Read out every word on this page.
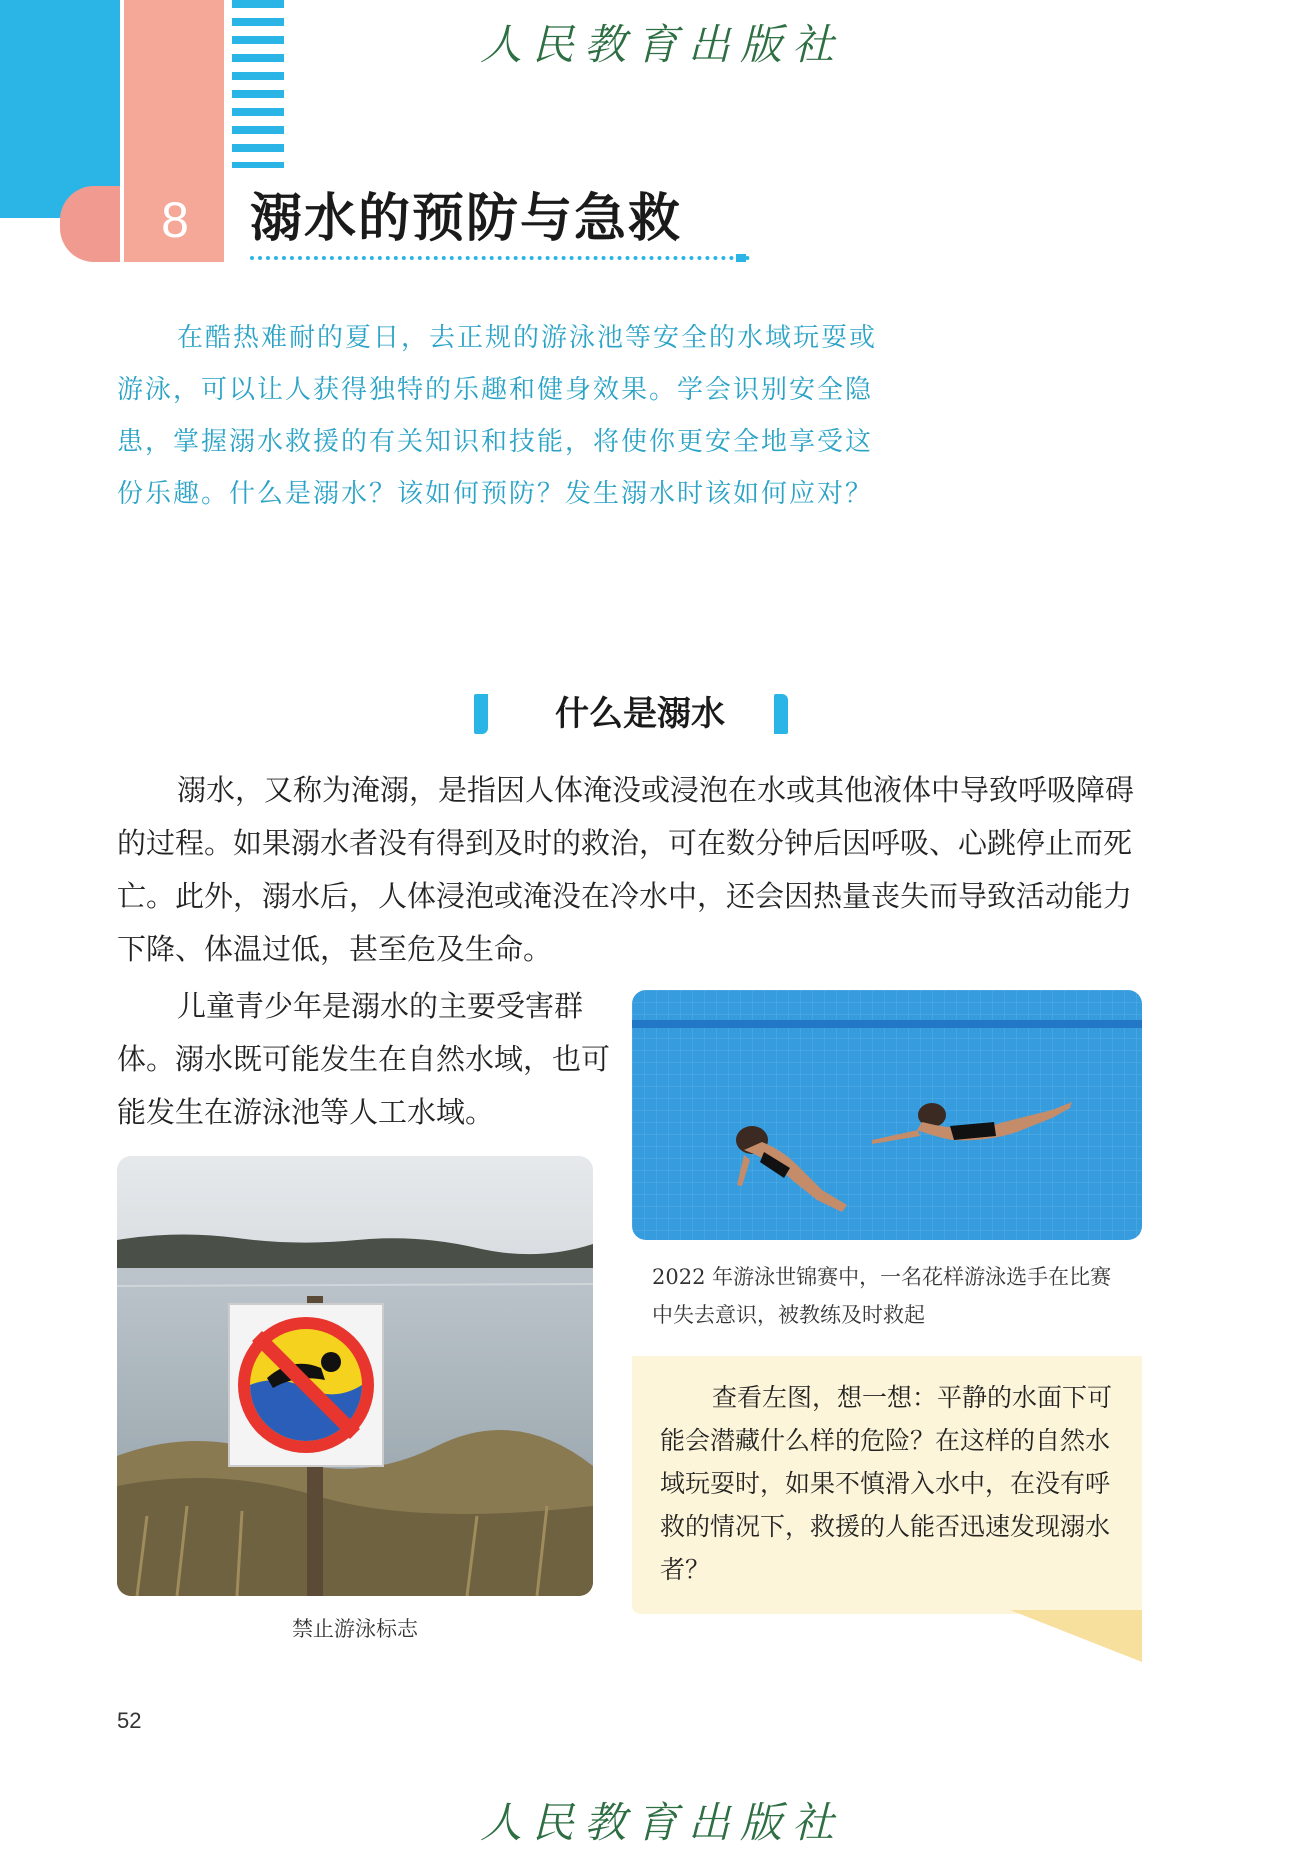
8 溺水的预防与急救
人民教育出版社
在酷热难耐的夏日，去正规的游泳池等安全的水域玩耍或游泳，可以让人获得独特的乐趣和健身效果。学会识别安全隐患，掌握溺水救援的有关知识和技能，将使你更安全地享受这份乐趣。什么是溺水？该如何预防？发生溺水时该如何应对？
什么是溺水
溺水，又称为淹溺，是指因人体淹没或浸泡在水或其他液体中导致呼吸障碍的过程。如果溺水者没有得到及时的救治，可在数分钟后因呼吸、心跳停止而死亡。此外，溺水后，人体浸泡或淹没在冷水中，还会因热量丧失而导致活动能力下降、体温过低，甚至危及生命。
儿童青少年是溺水的主要受害群体。溺水既可能发生在自然水域，也可能发生在游泳池等人工水域。
禁止游泳标志
2022 年游泳世锦赛中，一名花样游泳选手在比赛中失去意识，被教练及时救起
查看左图，想一想：平静的水面下可能会潜藏什么样的危险？在这样的自然水域玩耍时，如果不慎滑入水中，在没有呼救的情况下，救援的人能否迅速发现溺水者？
52
人民教育出版社
